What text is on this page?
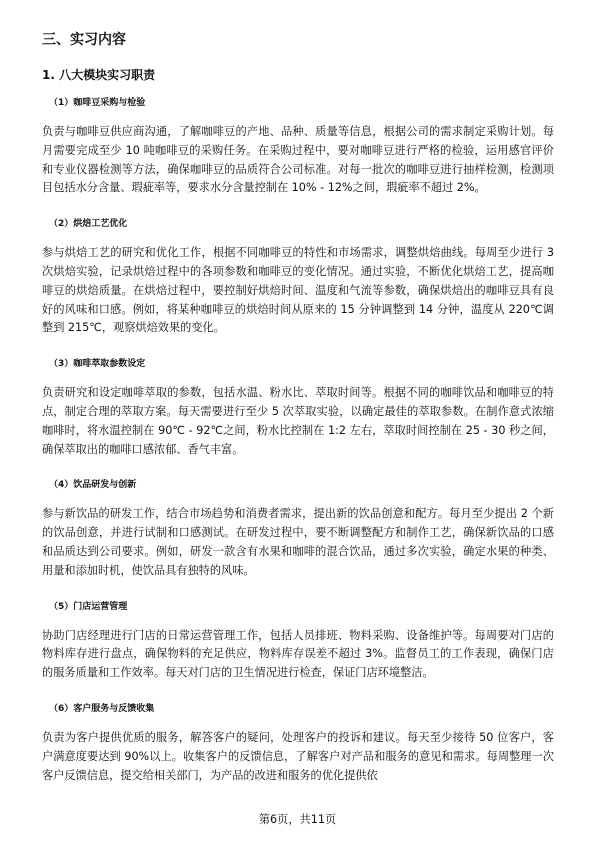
三、实习内容
1. 八大模块实习职责
（1）咖啡豆采购与检验

负责与咖啡豆供应商沟通，了解咖啡豆的产地、品种、质量等信息，根据公司的需求制定采购计划。每月需要完成至少 10 吨咖啡豆的采购任务。在采购过程中，要对咖啡豆进行严格的检验，运用感官评价和专业仪器检测等方法，确保咖啡豆的品质符合公司标准。对每一批次的咖啡豆进行抽样检测，检测项目包括水分含量、瑕疵率等，要求水分含量控制在 10% - 12%之间，瑕疵率不超过 2%。

（2）烘焙工艺优化

参与烘焙工艺的研究和优化工作，根据不同咖啡豆的特性和市场需求，调整烘焙曲线。每周至少进行 3 次烘焙实验，记录烘焙过程中的各项参数和咖啡豆的变化情况。通过实验，不断优化烘焙工艺，提高咖啡豆的烘焙质量。在烘焙过程中，要控制好烘焙时间、温度和气流等参数，确保烘焙出的咖啡豆具有良好的风味和口感。例如，将某种咖啡豆的烘焙时间从原来的 15 分钟调整到 14 分钟，温度从 220℃调整到 215℃，观察烘焙效果的变化。

（3）咖啡萃取参数设定

负责研究和设定咖啡萃取的参数，包括水温、粉水比、萃取时间等。根据不同的咖啡饮品和咖啡豆的特点，制定合理的萃取方案。每天需要进行至少 5 次萃取实验，以确定最佳的萃取参数。在制作意式浓缩咖啡时，将水温控制在 90℃ - 92℃之间，粉水比控制在 1:2 左右，萃取时间控制在 25 - 30 秒之间，确保萃取出的咖啡口感浓郁、香气丰富。

（4）饮品研发与创新

参与新饮品的研发工作，结合市场趋势和消费者需求，提出新的饮品创意和配方。每月至少提出 2 个新的饮品创意，并进行试制和口感测试。在研发过程中，要不断调整配方和制作工艺，确保新饮品的口感和品质达到公司要求。例如，研发一款含有水果和咖啡的混合饮品，通过多次实验，确定水果的种类、用量和添加时机，使饮品具有独特的风味。

（5）门店运营管理

协助门店经理进行门店的日常运营管理工作，包括人员排班、物料采购、设备维护等。每周要对门店的物料库存进行盘点，确保物料的充足供应，物料库存误差不超过 3%。监督员工的工作表现，确保门店的服务质量和工作效率。每天对门店的卫生情况进行检查，保证门店环境整洁。

（6）客户服务与反馈收集

负责为客户提供优质的服务，解答客户的疑问，处理客户的投诉和建议。每天至少接待 50 位客户，客户满意度要达到 90%以上。收集客户的反馈信息，了解客户对产品和服务的意见和需求。每周整理一次客户反馈信息，提交给相关部门，为产品的改进和服务的优化提供依

第6页，共11页
